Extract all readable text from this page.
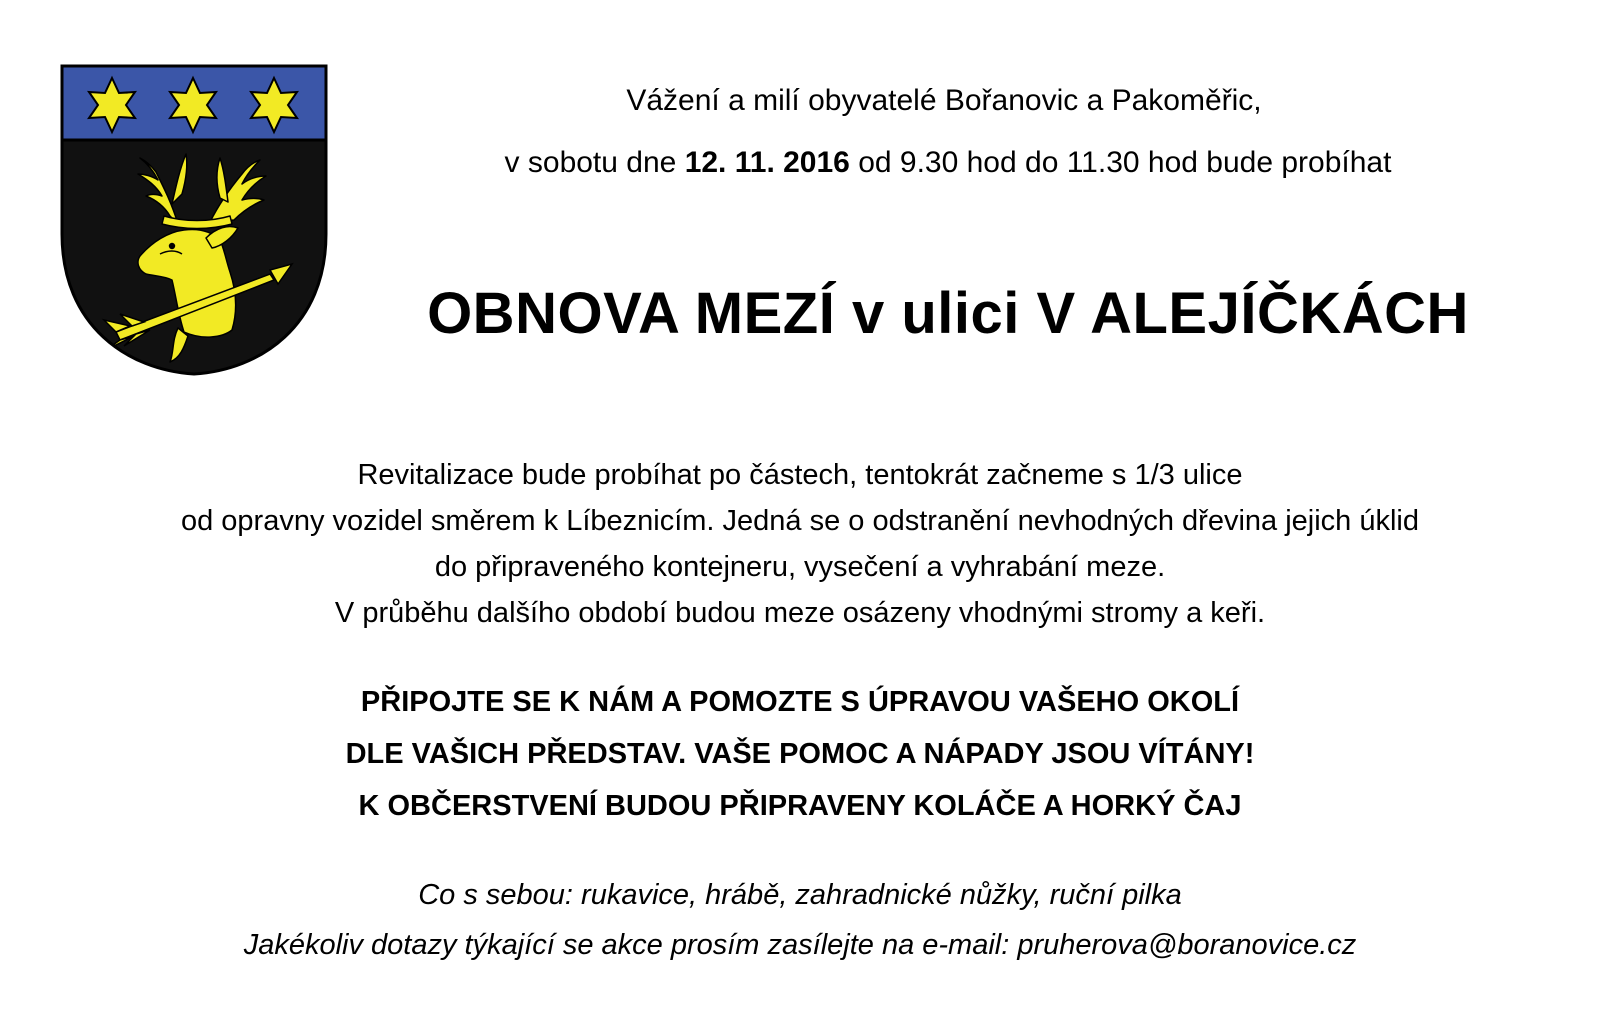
Vážení a milí obyvatelé Bořanovic a Pakoměřic,
v sobotu dne 12. 11. 2016 od 9.30 hod do 11.30 hod bude probíhat
OBNOVA MEZÍ v ulici V ALEJÍČKÁCH
Revitalizace bude probíhat po částech, tentokrát začneme s 1/3 ulice
od opravny vozidel směrem k Líbeznicím. Jedná se o odstranění nevhodných dřevina jejich úklid
do připraveného kontejneru, vysečení a vyhrabání meze.
V průběhu dalšího období budou meze osázeny vhodnými stromy a keři.
PŘIPOJTE SE K NÁM A POMOZTE S ÚPRAVOU VAŠEHO OKOLÍ
DLE VAŠICH PŘEDSTAV. VAŠE POMOC A NÁPADY JSOU VÍTÁNY!
K OBČERSTVENÍ BUDOU PŘIPRAVENY KOLÁČE A HORKÝ ČAJ
Co s sebou: rukavice, hrábě, zahradnické nůžky, ruční pilka
Jakékoliv dotazy týkající se akce prosím zasílejte na e-mail: pruherova@boranovice.cz
